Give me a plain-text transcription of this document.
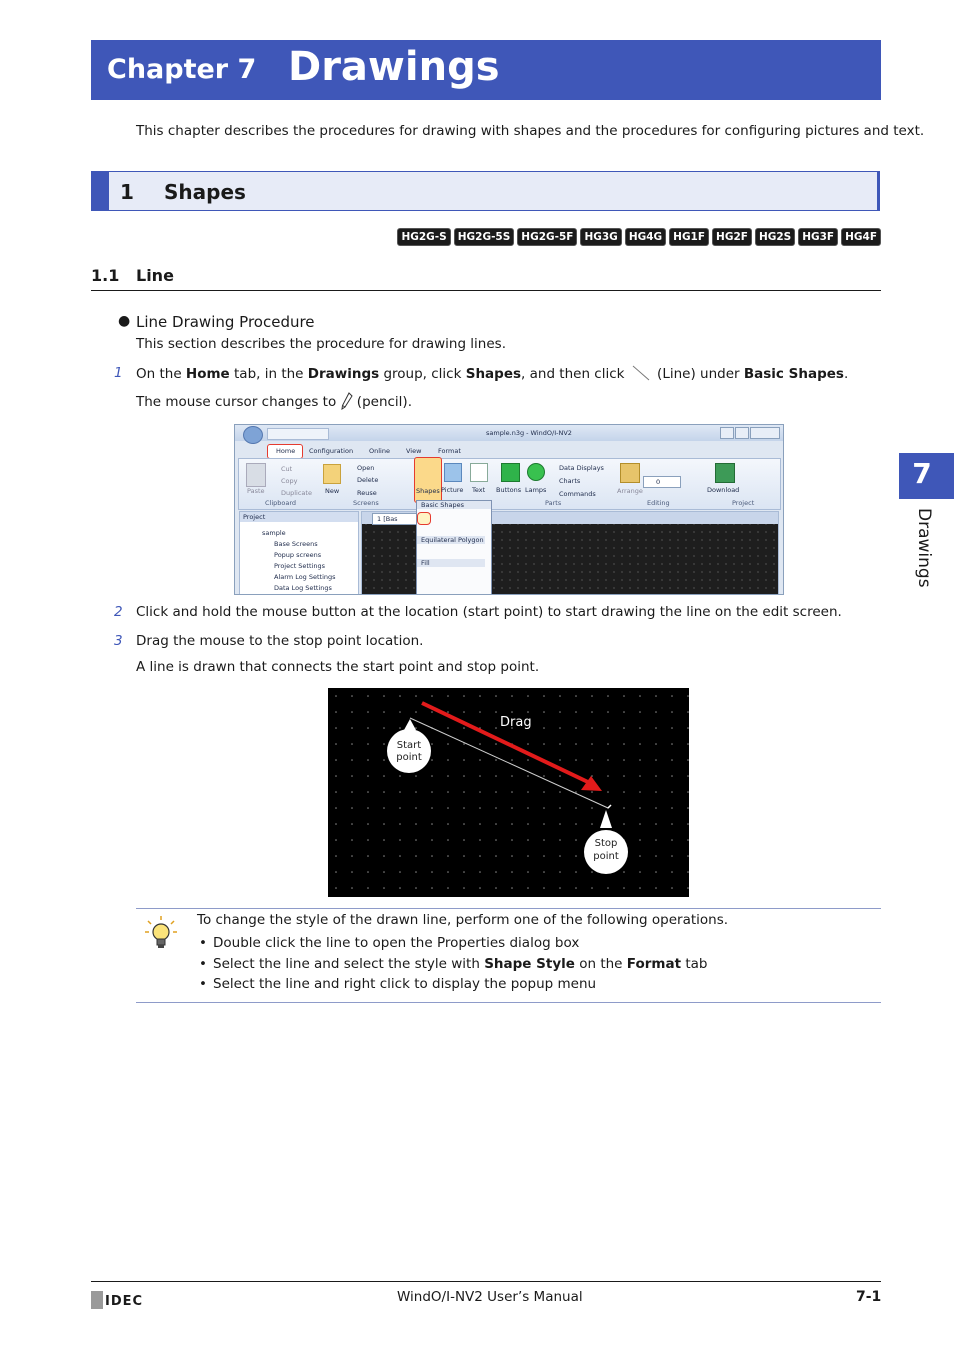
Chapter 7 Drawings
This chapter describes the procedures for drawing with shapes and the procedures for configuring pictures and text.
1 Shapes
HG2G-S	HG2G-5S	HG2G-5F	HG3G	HG4G	HG1F	HG2F	HG2S	HG3F	HG4F
1.1 Line
● Line Drawing Procedure
This section describes the procedure for drawing lines.
1 On the Home tab, in the Drawings group, click Shapes, and then click  (Line) under Basic Shapes.
The mouse cursor changes to  (pencil).
sample.n3g - WindO/I-NV2
Home Configuration Online View	Format
Paste
Cut
Copy
Duplicate New
Open
Delete
Reuse	Shapes Picture Text Buttons Lamps
Data Displays
Charts
Commands	Arrange
0
Download
Clipboard	Screens	Parts	Editing	Project
Project
sample
Base Screens
Popup screens
Project Settings
Alarm Log Settings
Data Log Settings
1 [Bas
Basic Shapes
Equilateral Polygon
Fill
2 Click and hold the mouse button at the location (start point) to start drawing the line on the edit screen.
3 Drag the mouse to the stop point location.
A line is drawn that connects the start point and stop point.
Drag
Start
point
Stop
point
To change the style of the drawn line, perform one of the following operations.
• Double click the line to open the Properties dialog box
• Select the line and select the style with Shape Style on the Format tab
• Select the line and right click to display the popup menu
7
Drawings
IDEC	WindO/I-NV2 User’s Manual	7-1
